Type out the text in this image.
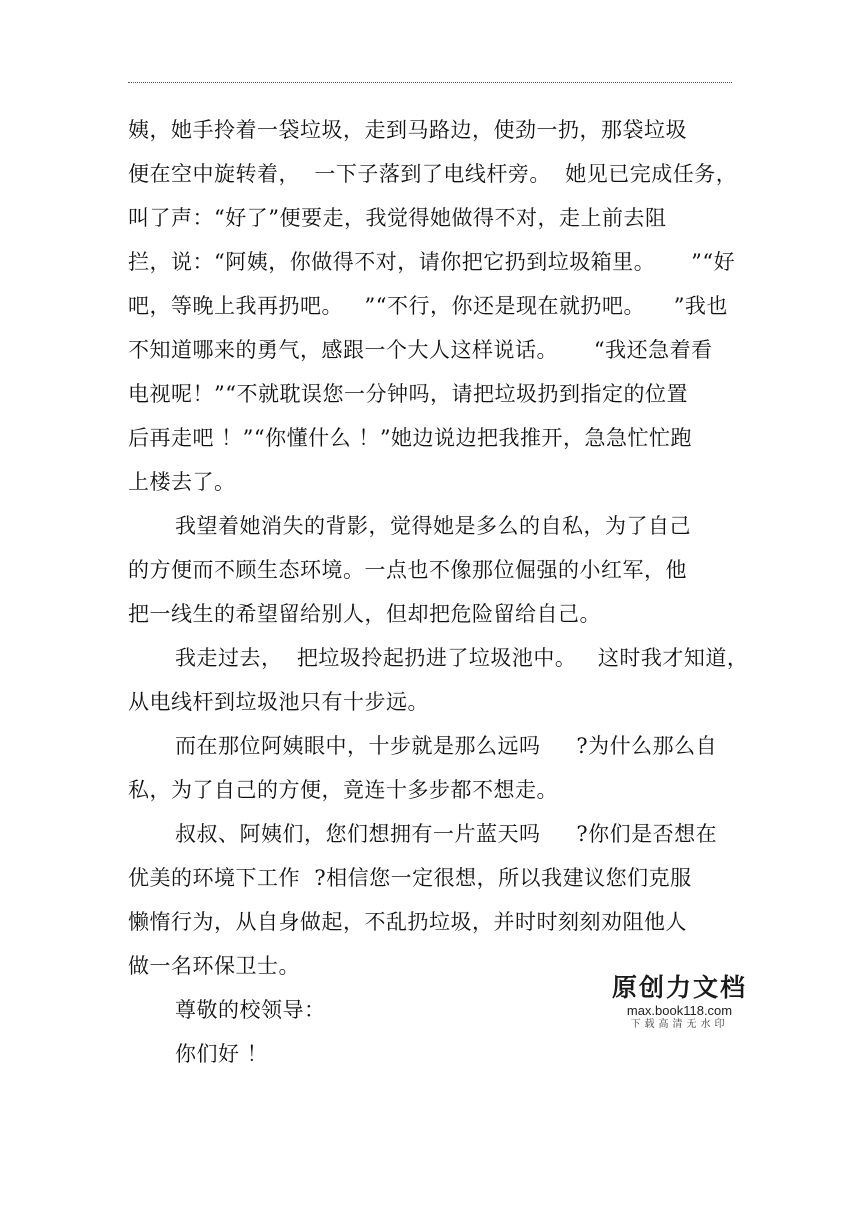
姨，她手拎着一袋垃圾，走到马路边，使劲一扔，那袋垃圾
便在空中旋转着，  一下子落到了电线杆旁。  她见已完成任务，
叫了声：“好了”便要走，我觉得她做得不对，走上前去阻
拦，说：“阿姨，你做得不对，请你把它扔到垃圾箱里。     ”“好
吧，等晚上我再扔吧。   ”“不行，你还是现在就扔吧。    ”我也
不知道哪来的勇气，感跟一个大人这样说话。     “我还急着看
电视呢！”“不就耽误您一分钟吗，请把垃圾扔到指定的位置
后再走吧 ！”“你懂什么 ！”她边说边把我推开，急急忙忙跑
上楼去了。
我望着她消失的背影，觉得她是多么的自私，为了自己
的方便而不顾生态环境。一点也不像那位倔强的小红军，他
把一线生的希望留给别人，但却把危险留给自己。
我走过去，  把垃圾拎起扔进了垃圾池中。   这时我才知道，
从电线杆到垃圾池只有十步远。
而在那位阿姨眼中，十步就是那么远吗     ?为什么那么自
私，为了自己的方便，竟连十多步都不想走。
叔叔、阿姨们，您们想拥有一片蓝天吗     ?你们是否想在
优美的环境下工作  ?相信您一定很想，所以我建议您们克服
懒惰行为，从自身做起，不乱扔垃圾，并时时刻刻劝阻他人
做一名环保卫士。
尊敬的校领导：
你们好 ！
原创力文档
max.book118.com
下载高清无水印
